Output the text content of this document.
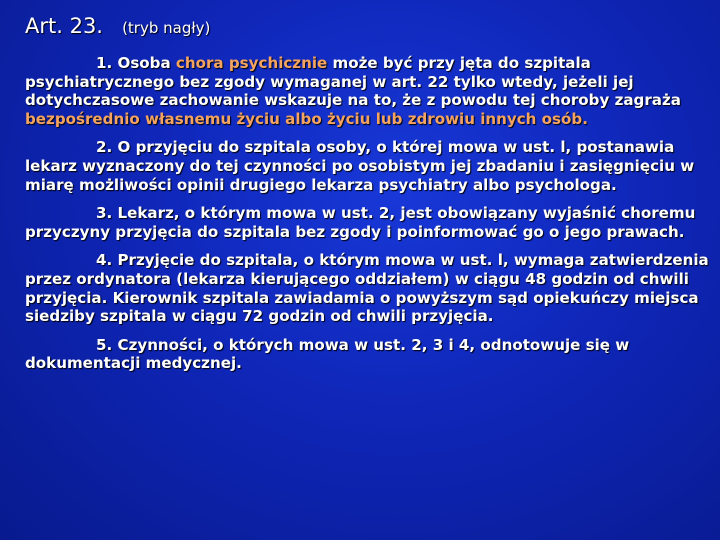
Art. 23. (tryb nagły)

1. Osoba chora psychicznie może być przy jęta do szpitala psychiatrycznego bez zgody wymaganej w art. 22 tylko wtedy, jeżeli jej dotychczasowe zachowanie wskazuje na to, że z powodu tej choroby zagraża bezpośrednio własnemu życiu albo życiu lub zdrowiu innych osób.

2. O przyjęciu do szpitala osoby, o której mowa w ust. l, postanawia lekarz wyznaczony do tej czynności po osobistym jej zbadaniu i zasięgnięciu w miarę możliwości opinii drugiego lekarza psychiatry albo psychologa.

3. Lekarz, o którym mowa w ust. 2, jest obowiązany wyjaśnić choremu przyczyny przyjęcia do szpitala bez zgody i poinformować go o jego prawach.

4. Przyjęcie do szpitala, o którym mowa w ust. l, wymaga zatwierdzenia przez ordynatora (lekarza kierującego oddziałem) w ciągu 48 godzin od chwili przyjęcia. Kierownik szpitala zawiadamia o powyższym sąd opiekuńczy miejsca siedziby szpitala w ciągu 72 godzin od chwili przyjęcia.

5. Czynności, o których mowa w ust. 2, 3 i 4, odnotowuje się w dokumentacji medycznej.
